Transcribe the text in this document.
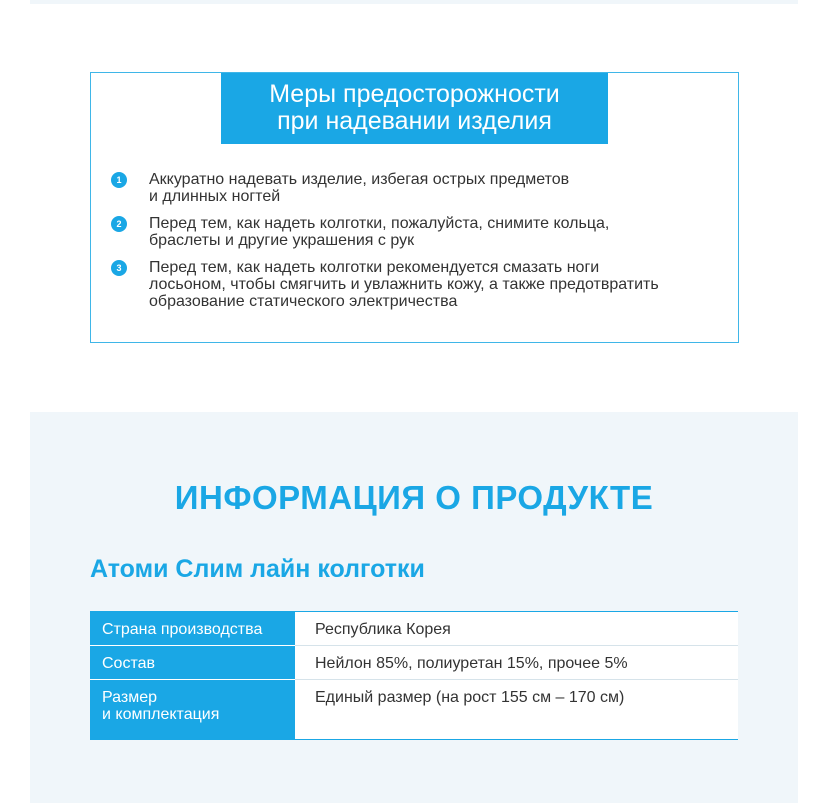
Меры предосторожности
при надевании изделия
1	Аккуратно надевать изделие, избегая острых предметов
и длинных ногтей
2	Перед тем, как надеть колготки, пожалуйста, снимите кольца,
браслеты и другие украшения с рук
3	Перед тем, как надеть колготки рекомендуется смазать ноги
лосьоном, чтобы смягчить и увлажнить кожу, а также предотвратить
образование статического электричества
ИНФОРМАЦИЯ О ПРОДУКТЕ
Атоми Слим лайн колготки
Страна производства	Республика Корея

Состав	Нейлон 85%, полиуретан 15%, прочее 5%

Размер
и комплектация	Единый размер (на рост 155 см – 170 см)
